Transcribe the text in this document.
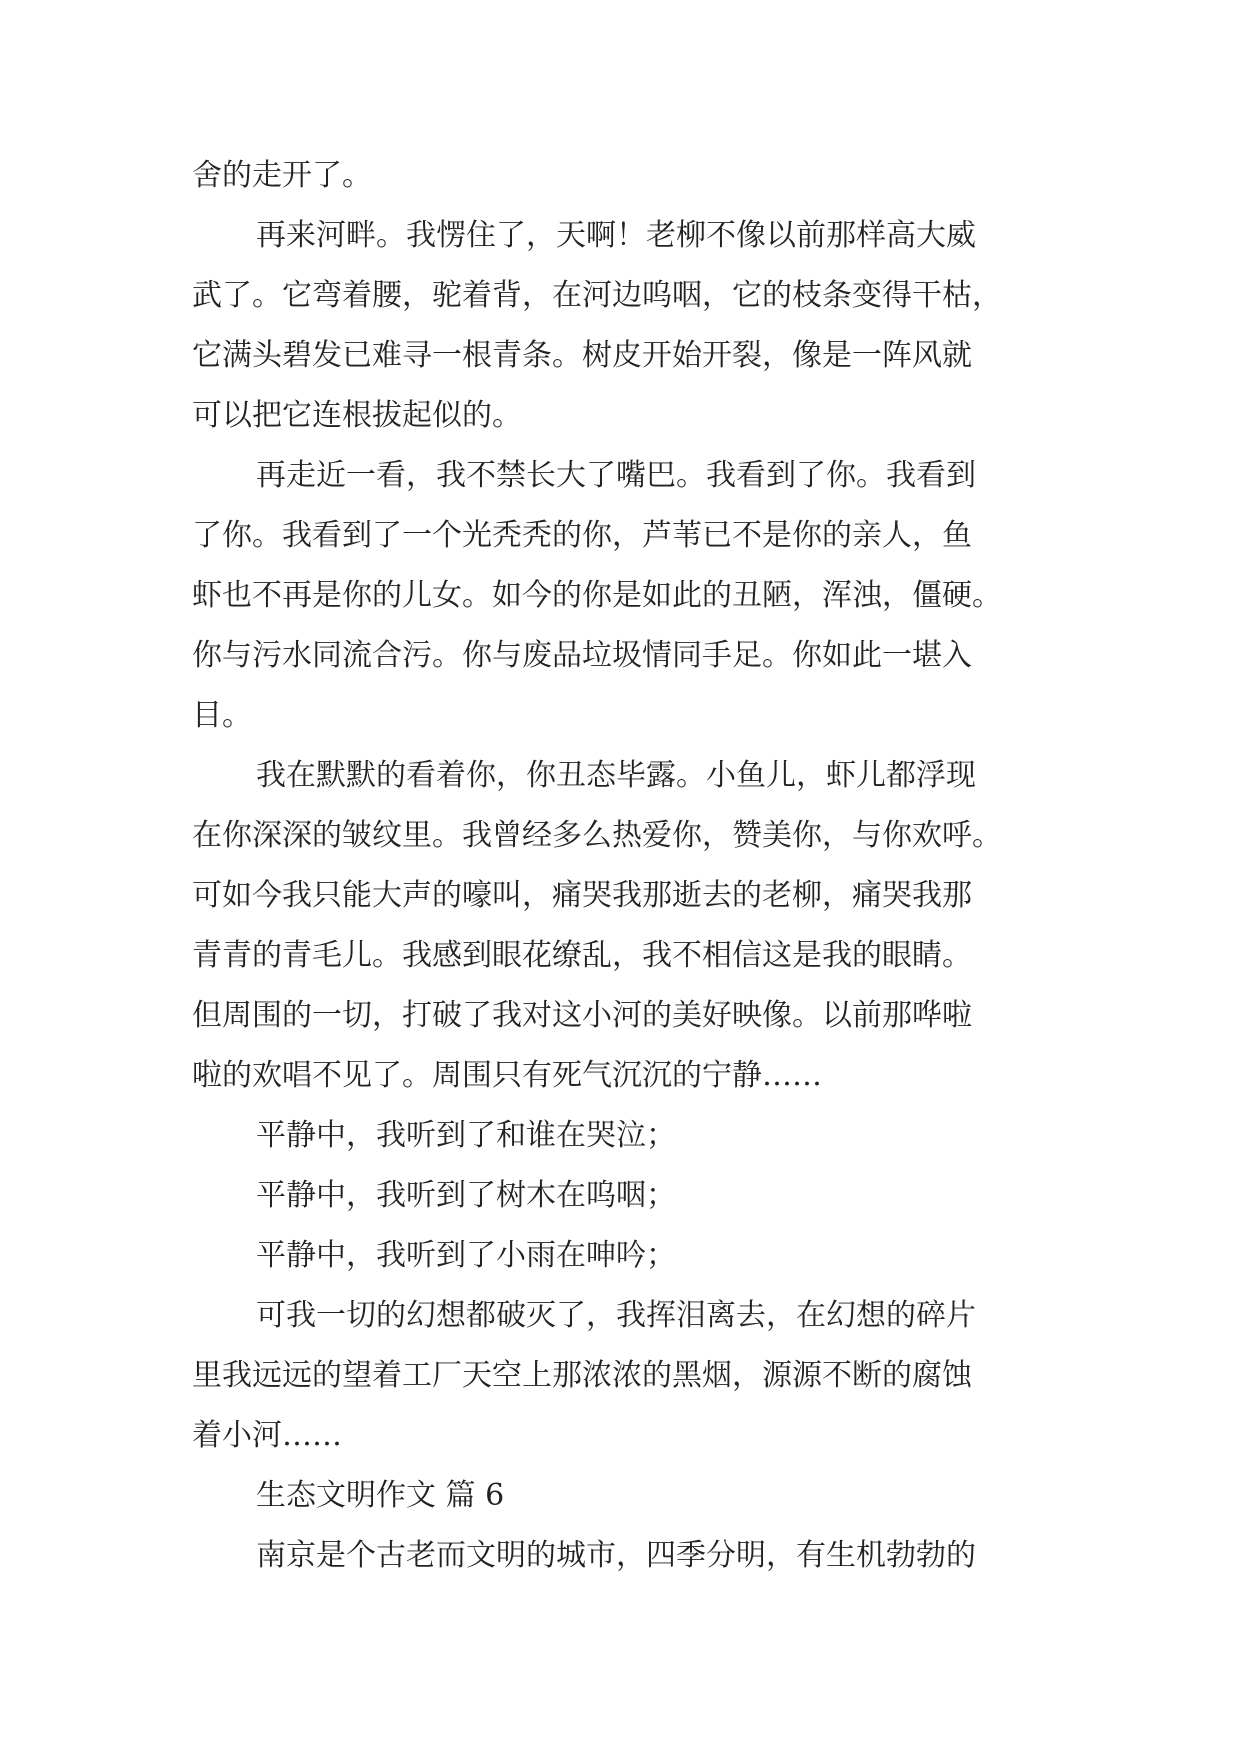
舍的走开了。
再来河畔。我愣住了，天啊！老柳不像以前那样高大威
武了。它弯着腰，驼着背，在河边呜咽，它的枝条变得干枯，
它满头碧发已难寻一根青条。树皮开始开裂，像是一阵风就
可以把它连根拔起似的。
再走近一看，我不禁长大了嘴巴。我看到了你。我看到
了你。我看到了一个光秃秃的你，芦苇已不是你的亲人，鱼
虾也不再是你的儿女。如今的你是如此的丑陋，浑浊，僵硬。
你与污水同流合污。你与废品垃圾情同手足。你如此一堪入
目。
我在默默的看着你，你丑态毕露。小鱼儿，虾儿都浮现
在你深深的皱纹里。我曾经多么热爱你，赞美你，与你欢呼。
可如今我只能大声的嚎叫，痛哭我那逝去的老柳，痛哭我那
青青的青毛儿。我感到眼花缭乱，我不相信这是我的眼睛。
但周围的一切，打破了我对这小河的美好映像。以前那哗啦
啦的欢唱不见了。周围只有死气沉沉的宁静……
平静中，我听到了和谁在哭泣；
平静中，我听到了树木在呜咽；
平静中，我听到了小雨在呻吟；
可我一切的幻想都破灭了，我挥泪离去，在幻想的碎片
里我远远的望着工厂天空上那浓浓的黑烟，源源不断的腐蚀
着小河……
生态文明作文 篇 6
南京是个古老而文明的城市，四季分明，有生机勃勃的
